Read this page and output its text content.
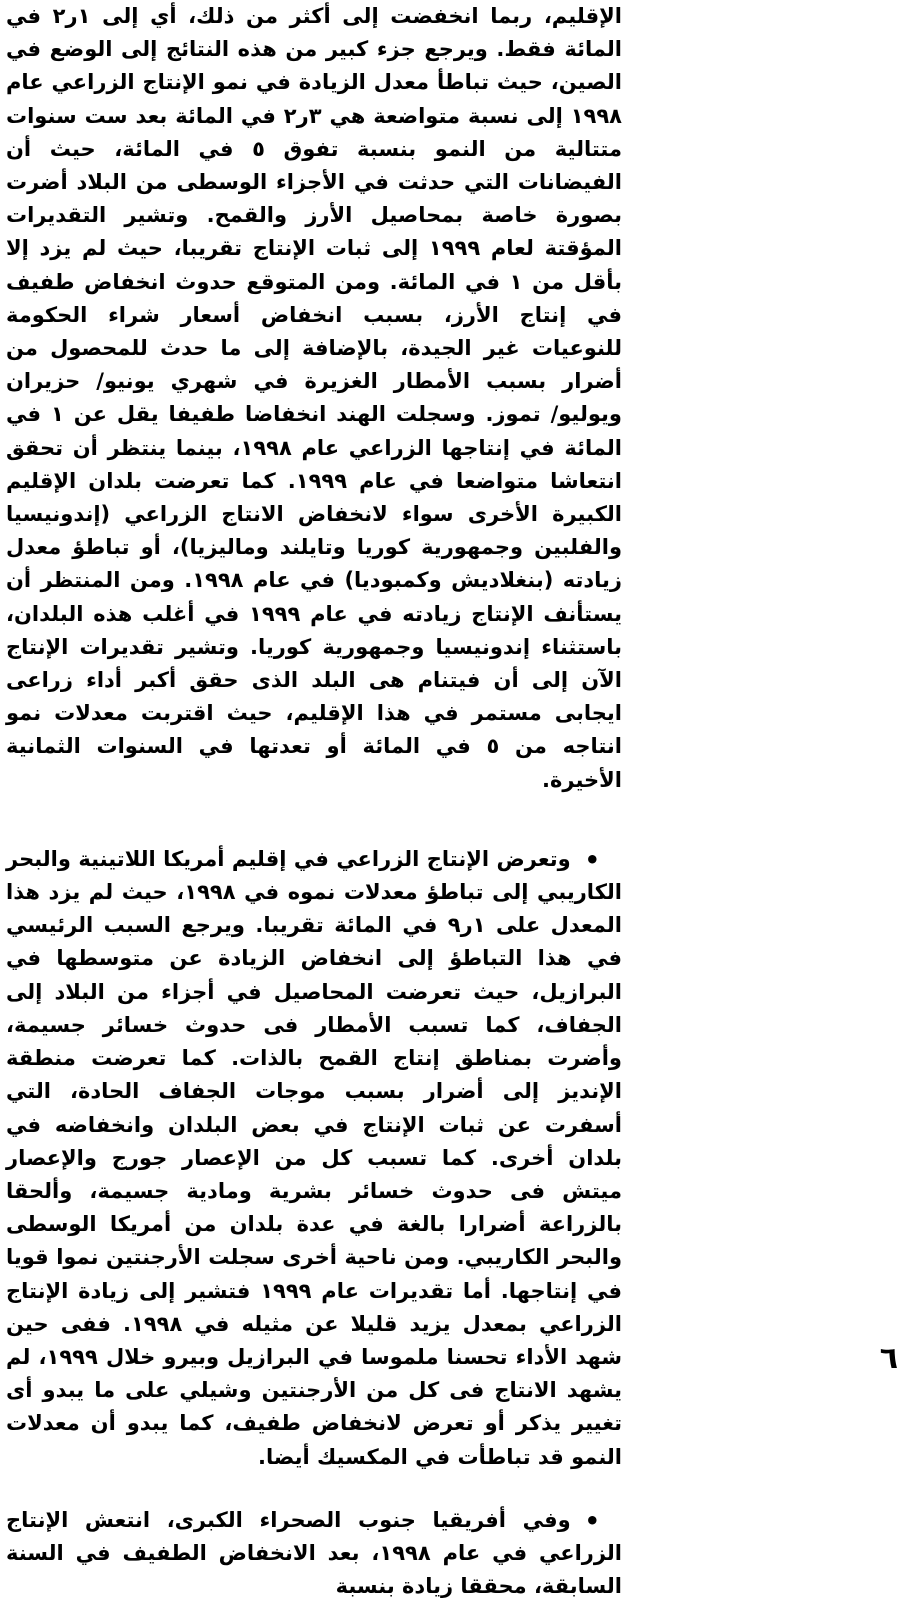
الإقليم، ربما انخفضت إلى أكثر من ذلك، أي إلى ١ر٢ في المائة فقط. ويرجع جزء كبير من هذه النتائج إلى الوضع في الصين، حيث تباطأ معدل الزيادة في نمو الإنتاج الزراعي عام ١٩٩٨ إلى نسبة متواضعة هي ٣ر٢ في المائة بعد ست سنوات متتالية من النمو بنسبة تفوق ٥ في المائة، حيث أن الفيضانات التي حدثت في الأجزاء الوسطى من البلاد أضرت بصورة خاصة بمحاصيل الأرز والقمح. وتشير التقديرات المؤقتة لعام ١٩٩٩ إلى ثبات الإنتاج تقريبا، حيث لم يزد إلا بأقل من ١ في المائة. ومن المتوقع حدوث انخفاض طفيف في إنتاج الأرز، بسبب انخفاض أسعار شراء الحكومة للنوعيات غير الجيدة، بالإضافة إلى ما حدث للمحصول من أضرار بسبب الأمطار الغزيرة في شهري يونيو/ حزيران ويوليو/ تموز. وسجلت الهند انخفاضا طفيفا يقل عن ١ في المائة في إنتاجها الزراعي عام ١٩٩٨، بينما ينتظر أن تحقق انتعاشا متواضعا في عام ١٩٩٩. كما تعرضت بلدان الإقليم الكبيرة الأخرى سواء لانخفاض الانتاج الزراعي (إندونيسيا والفلبين وجمهورية كوريا وتايلند وماليزيا)، أو تباطؤ معدل زيادته (بنغلاديش وكمبوديا) في عام ١٩٩٨. ومن المنتظر أن يستأنف الإنتاج زيادته في عام ١٩٩٩ في أغلب هذه البلدان، باستثناء إندونيسيا وجمهورية كوريا. وتشير تقديرات الإنتاج الآن إلى أن فيتنام هى البلد الذى حقق أكبر أداء زراعى ايجابى مستمر في هذا الإقليم، حيث اقتربت معدلات نمو انتاجه من ٥ في المائة أو تعدتها في السنوات الثمانية الأخيرة.

•وتعرض الإنتاج الزراعي في إقليم أمريكا اللاتينية والبحر الكاريبي إلى تباطؤ معدلات نموه في ١٩٩٨، حيث لم يزد هذا المعدل على ١ر٩ في المائة تقريبا. ويرجع السبب الرئيسي في هذا التباطؤ إلى انخفاض الزيادة عن متوسطها في البرازيل، حيث تعرضت المحاصيل في أجزاء من البلاد إلى الجفاف، كما تسبب الأمطار فى حدوث خسائر جسيمة، وأضرت بمناطق إنتاج القمح بالذات. كما تعرضت منطقة الإنديز إلى أضرار بسبب موجات الجفاف الحادة، التي أسفرت عن ثبات الإنتاج في بعض البلدان وانخفاضه في بلدان أخرى. كما تسبب كل من الإعصار جورج والإعصار ميتش فى حدوث خسائر بشرية ومادية جسيمة، وألحقا بالزراعة أضرارا بالغة في عدة بلدان من أمريكا الوسطى والبحر الكاريبي. ومن ناحية أخرى سجلت الأرجنتين نموا قويا في إنتاجها. أما تقديرات عام ١٩٩٩ فتشير إلى زيادة الإنتاج الزراعي بمعدل يزيد قليلا عن مثيله في ١٩٩٨. ففى حين شهد الأداء تحسنا ملموسا في البرازيل وبيرو خلال ١٩٩٩، لم يشهد الانتاج فى كل من الأرجنتين وشيلي على ما يبدو أى تغيير يذكر أو تعرض لانخفاض طفيف، كما يبدو أن معدلات النمو قد تباطأت في المكسيك أيضا.

•وفي أفريقيا جنوب الصحراء الكبرى، انتعش الإنتاج الزراعي في عام ١٩٩٨، بعد الانخفاض الطفيف في السنة السابقة، محققا زيادة بنسبة

٦
